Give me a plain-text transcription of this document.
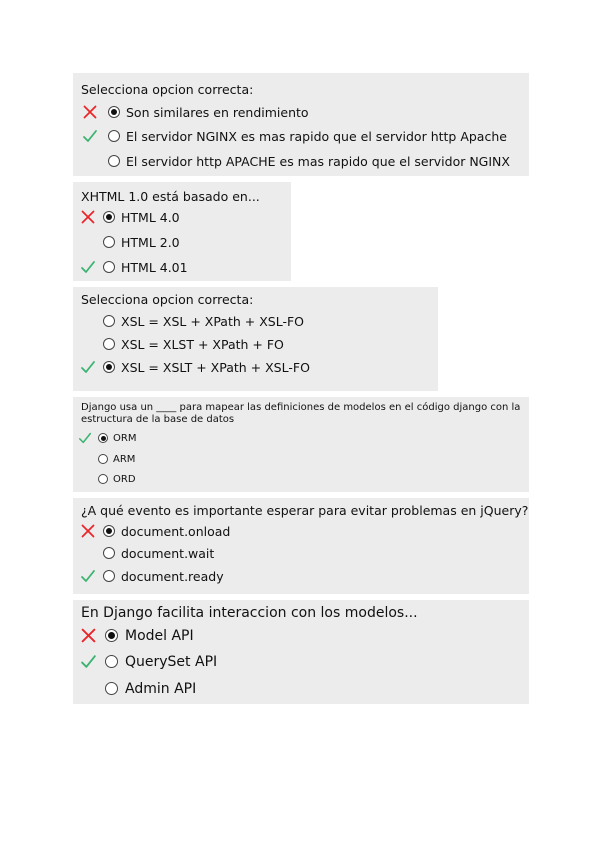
Selecciona opcion correcta:
Son similares en rendimiento
El servidor NGINX es mas rapido que el servidor http Apache
El servidor http APACHE es mas rapido que el servidor NGINX
XHTML 1.0 está basado en...
HTML 4.0
HTML 2.0
HTML 4.01
Selecciona opcion correcta:
XSL = XSL + XPath + XSL-FO
XSL = XLST + XPath + FO
XSL = XSLT + XPath + XSL-FO
Django usa un ____ para mapear las definiciones de modelos en el código django con la estructura de la base de datos
ORM
ARM
ORD
¿A qué evento es importante esperar para evitar problemas en jQuery?
document.onload
document.wait
document.ready
En Django facilita interaccion con los modelos...
Model API
QuerySet API
Admin API
